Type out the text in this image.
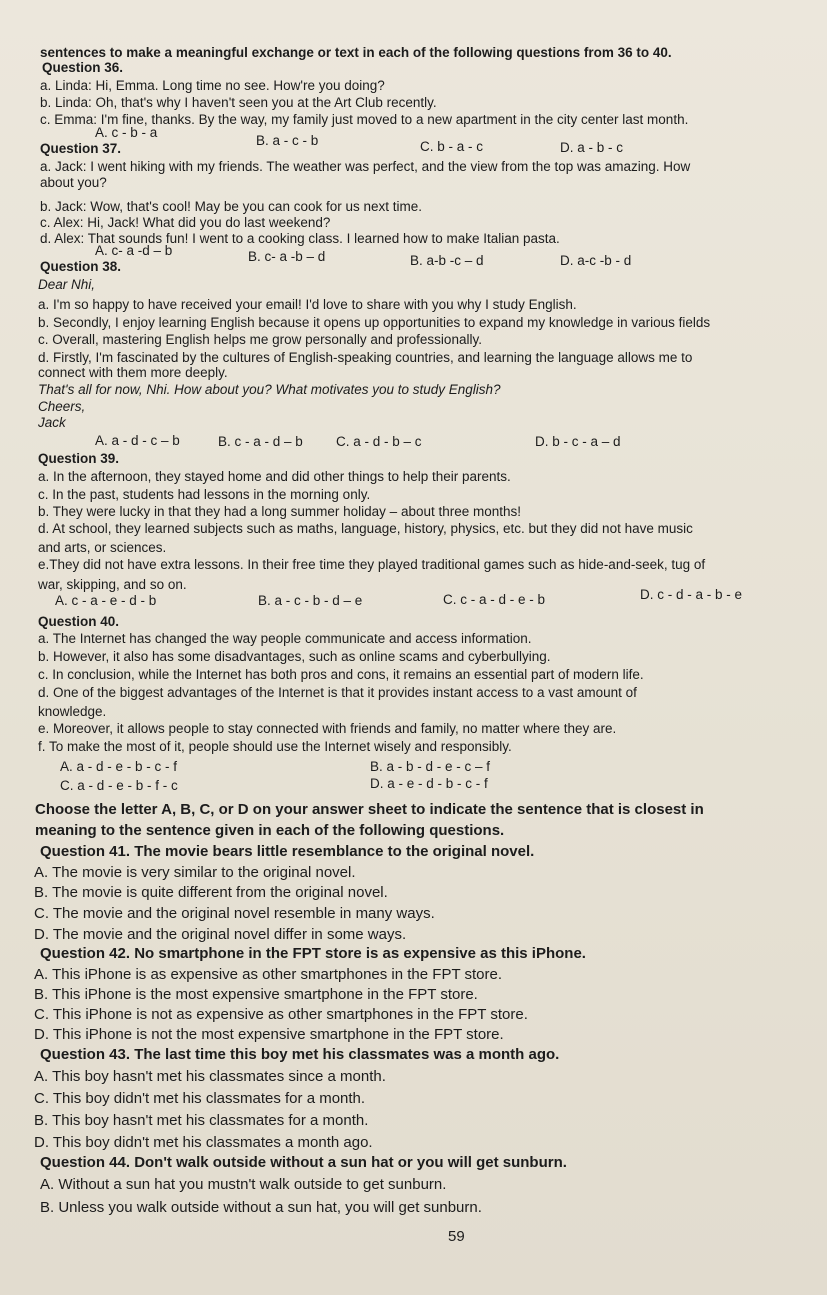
sentences to make a meaningful exchange or text in each of the following questions from 36 to 40.
Question 36.
a. Linda: Hi, Emma. Long time no see. How're you doing?
b. Linda: Oh, that's why I haven't seen you at the Art Club recently.
c. Emma: I'm fine, thanks. By the way, my family just moved to a new apartment in the city center last month.
A. c - b - a
B. a - c - b	C. b - a - c	D. a - b - c
Question 37.
a. Jack: I went hiking with my friends. The weather was perfect, and the view from the top was amazing. How
about you?
b. Jack: Wow, that's cool! May be you can cook for us next time.
c. Alex: Hi, Jack! What did you do last weekend?
d. Alex: That sounds fun! I went to a cooking class. I learned how to make Italian pasta.
A. c- a -d – b	B. c- a -b – d	B. a-b -c – d	D. a-c -b - d
Question 38.
Dear Nhi,
a. I'm so happy to have received your email! I'd love to share with you why I study English.
b. Secondly, I enjoy learning English because it opens up opportunities to expand my knowledge in various fields
c. Overall, mastering English helps me grow personally and professionally.
d. Firstly, I'm fascinated by the cultures of English-speaking countries, and learning the language allows me to
connect with them more deeply.
That's all for now, Nhi. How about you? What motivates you to study English?
Cheers,
Jack
A. a - d - c – b	B. c - a - d – b C. a - d - b – c	D. b - c - a – d
Question 39.
a. In the afternoon, they stayed home and did other things to help their parents.
c. In the past, students had lessons in the morning only.
b. They were lucky in that they had a long summer holiday – about three months!
d. At school, they learned subjects such as maths, language, history, physics, etc. but they did not have music
and arts, or sciences.
e.They did not have extra lessons. In their free time they played traditional games such as hide-and-seek, tug of
war, skipping, and so on.
A. c - a - e - d - b	B. a - c - b - d – e	C. c - a - d - e - b	D. c - d - a - b - e
Question 40.
a. The Internet has changed the way people communicate and access information.
b. However, it also has some disadvantages, such as online scams and cyberbullying.
c. In conclusion, while the Internet has both pros and cons, it remains an essential part of modern life.
d. One of the biggest advantages of the Internet is that it provides instant access to a vast amount of
knowledge.
e. Moreover, it allows people to stay connected with friends and family, no matter where they are.
f. To make the most of it, people should use the Internet wisely and responsibly.
A. a - d - e - b - c - f	B. a - b - d - e - c – f
C. a - d - e - b - f - c	D. a - e - d - b - c - f
Choose the letter A, B, C, or D on your answer sheet to indicate the sentence that is closest in
meaning to the sentence given in each of the following questions.
Question 41. The movie bears little resemblance to the original novel.
A. The movie is very similar to the original novel.
B. The movie is quite different from the original novel.
C. The movie and the original novel resemble in many ways.
D. The movie and the original novel differ in some ways.
Question 42. No smartphone in the FPT store is as expensive as this iPhone.
A. This iPhone is as expensive as other smartphones in the FPT store.
B. This iPhone is the most expensive smartphone in the FPT store.
C. This iPhone is not as expensive as other smartphones in the FPT store.
D. This iPhone is not the most expensive smartphone in the FPT store.
Question 43. The last time this boy met his classmates was a month ago.
A. This boy hasn't met his classmates since a month.
C. This boy didn't met his classmates for a month.
B. This boy hasn't met his classmates for a month.
D. This boy didn't met his classmates a month ago.
Question 44. Don't walk outside without a sun hat or you will get sunburn.
A. Without a sun hat you mustn't walk outside to get sunburn.
B. Unless you walk outside without a sun hat, you will get sunburn.
59
